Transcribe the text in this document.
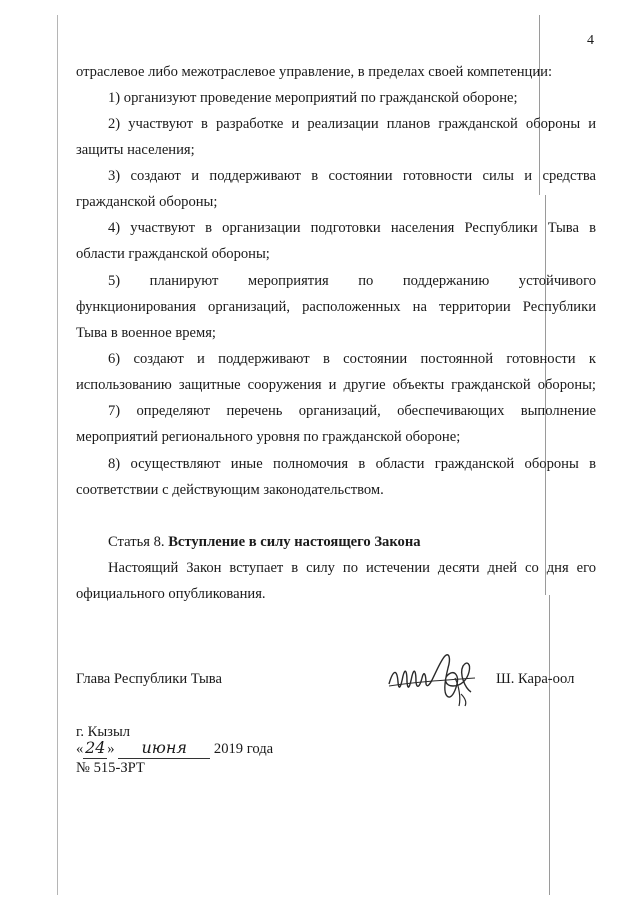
4

отраслевое либо межотраслевое управление, в пределах своей компетенции:

1) организуют проведение мероприятий по гражданской обороне;

2) участвуют в разработке и реализации планов гражданской обороны и

защиты населения;

3) создают и поддерживают в состоянии готовности силы и средства

гражданской обороны;

4) участвуют в организации подготовки населения Республики Тыва в

области гражданской обороны;

5) планируют мероприятия по поддержанию устойчивого

функционирования организаций, расположенных на территории Республики

Тыва в военное время;

6) создают и поддерживают в состоянии постоянной готовности к

использованию защитные сооружения и другие объекты гражданской обороны;

7) определяют перечень организаций, обеспечивающих выполнение

мероприятий регионального уровня по гражданской обороне;

8) осуществляют иные полномочия в области гражданской обороны в

соответствии с действующим законодательством.

Статья 8. Вступление в силу настоящего Закона

Настоящий Закон вступает в силу по истечении десяти дней со дня его

официального опубликования.

Глава Республики Тыва	Ш. Кара-оол
г. Кызыл
« 24 » июня 2019 года
№ 515-ЗРТ
